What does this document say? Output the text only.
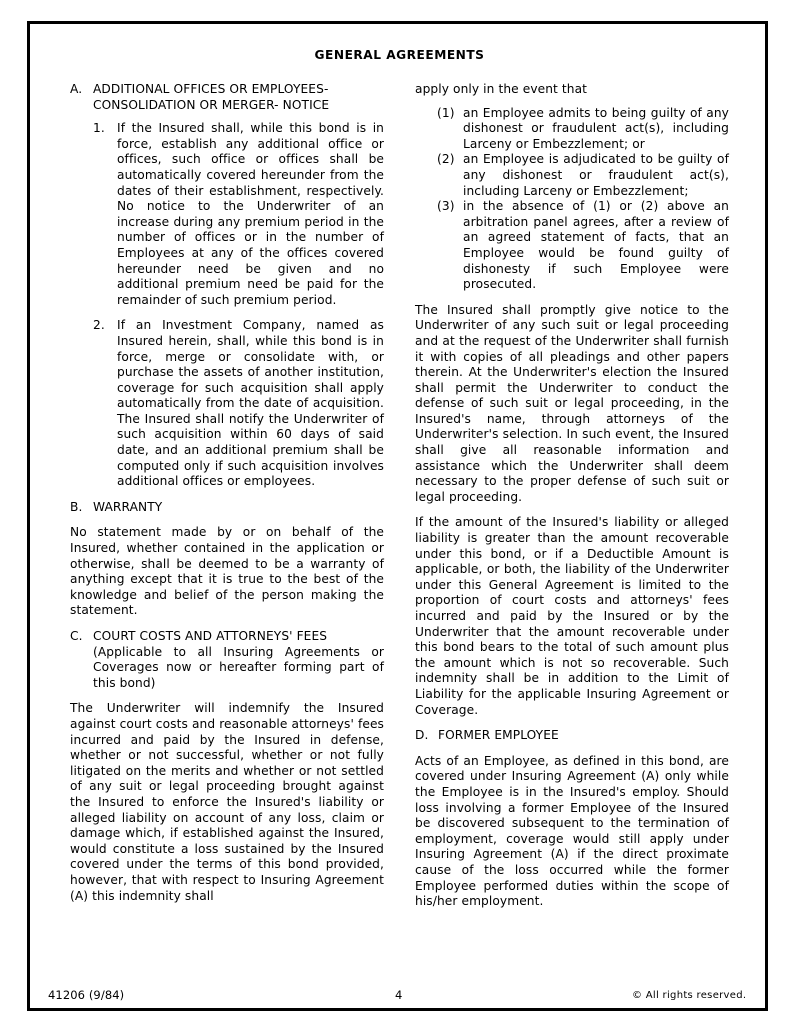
GENERAL AGREEMENTS
A. ADDITIONAL OFFICES OR EMPLOYEES- CONSOLIDATION OR MERGER- NOTICE
1. If the Insured shall, while this bond is in force, establish any additional office or offices, such office or offices shall be automatically covered hereunder from the dates of their establishment, respectively. No notice to the Underwriter of an increase during any premium period in the number of offices or in the number of Employees at any of the offices covered hereunder need be given and no additional premium need be paid for the remainder of such premium period.
2. If an Investment Company, named as Insured herein, shall, while this bond is in force, merge or consolidate with, or purchase the assets of another institution, coverage for such acquisition shall apply automatically from the date of acquisition. The Insured shall notify the Underwriter of such acquisition within 60 days of said date, and an additional premium shall be computed only if such acquisition involves additional offices or employees.
B. WARRANTY

No statement made by or on behalf of the Insured, whether contained in the application or otherwise, shall be deemed to be a warranty of anything except that it is true to the best of the knowledge and belief of the person making the statement.

C. COURT COSTS AND ATTORNEYS' FEES

(Applicable to all Insuring Agreements or Coverages now or hereafter forming part of this bond)

The Underwriter will indemnify the Insured against court costs and reasonable attorneys' fees incurred and paid by the Insured in defense, whether or not successful, whether or not fully litigated on the merits and whether or not settled of any suit or legal proceeding brought against the Insured to enforce the Insured's liability or alleged liability on account of any loss, claim or damage which, if established against the Insured, would constitute a loss sustained by the Insured covered under the terms of this bond provided, however, that with respect to Insuring Agreement (A) this indemnity shall

apply only in the event that

(1) an Employee admits to being guilty of any dishonest or fraudulent act(s), including Larceny or Embezzlement; or
(2) an Employee is adjudicated to be guilty of any dishonest or fraudulent act(s), including Larceny or Embezzlement;
(3) in the absence of (1) or (2) above an arbitration panel agrees, after a review of an agreed statement of facts, that an Employee would be found guilty of dishonesty if such Employee were prosecuted.

The Insured shall promptly give notice to the Underwriter of any such suit or legal proceeding and at the request of the Underwriter shall furnish it with copies of all pleadings and other papers therein. At the Underwriter's election the Insured shall permit the Underwriter to conduct the defense of such suit or legal proceeding, in the Insured's name, through attorneys of the Underwriter's selection. In such event, the Insured shall give all reasonable information and assistance which the Underwriter shall deem necessary to the proper defense of such suit or legal proceeding.

If the amount of the Insured's liability or alleged liability is greater than the amount recoverable under this bond, or if a Deductible Amount is applicable, or both, the liability of the Underwriter under this General Agreement is limited to the proportion of court costs and attorneys' fees incurred and paid by the Insured or by the Underwriter that the amount recoverable under this bond bears to the total of such amount plus the amount which is not so recoverable. Such indemnity shall be in addition to the Limit of Liability for the applicable Insuring Agreement or Coverage.

D. FORMER EMPLOYEE

Acts of an Employee, as defined in this bond, are covered under Insuring Agreement (A) only while the Employee is in the Insured's employ. Should loss involving a former Employee of the Insured be discovered subsequent to the termination of employment, coverage would still apply under Insuring Agreement (A) if the direct proximate cause of the loss occurred while the former Employee performed duties within the scope of his/her employment.

41206 (9/84)	4	© All rights reserved.
